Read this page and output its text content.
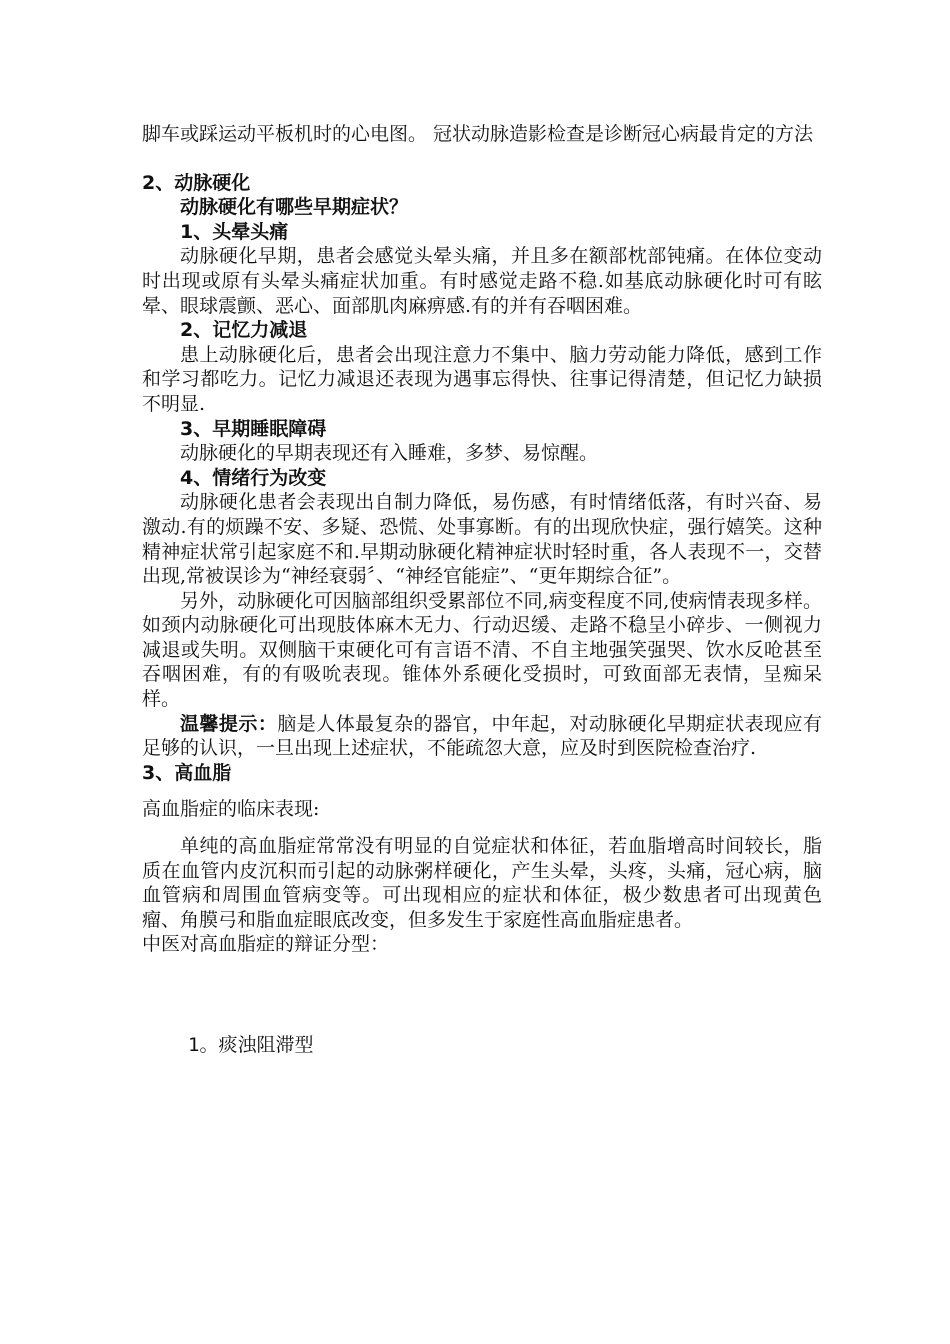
脚车或踩运动平板机时的心电图。 冠状动脉造影检查是诊断冠心病最肯定的方法

2、动脉硬化

动脉硬化有哪些早期症状？

1、头晕头痛

动脉硬化早期，患者会感觉头晕头痛，并且多在额部枕部钝痛。在体位变动时出现或原有头晕头痛症状加重。有时感觉走路不稳.如基底动脉硬化时可有眩晕、眼球震颤、恶心、面部肌肉麻痹感.有的并有吞咽困难。

2、记忆力减退

患上动脉硬化后，患者会出现注意力不集中、脑力劳动能力降低，感到工作和学习都吃力。记忆力减退还表现为遇事忘得快、往事记得清楚，但记忆力缺损不明显.

3、早期睡眠障碍

动脉硬化的早期表现还有入睡难，多梦、易惊醒。

4、情绪行为改变

动脉硬化患者会表现出自制力降低，易伤感，有时情绪低落，有时兴奋、易激动.有的烦躁不安、多疑、恐慌、处事寡断。有的出现欣快症，强行嬉笑。这种精神症状常引起家庭不和.早期动脉硬化精神症状时轻时重，各人表现不一，交替出现,常被误诊为“神经衰弱〞、“神经官能症”、“更年期综合征”。

另外，动脉硬化可因脑部组织受累部位不同,病变程度不同,使病情表现多样。如颈内动脉硬化可出现肢体麻木无力、行动迟缓、走路不稳呈小碎步、一侧视力减退或失明。双侧脑干束硬化可有言语不清、不自主地强笑强哭、饮水反呛甚至吞咽困难，有的有吸吮表现。锥体外系硬化受损时，可致面部无表情，呈痴呆样。

温馨提示：脑是人体最复杂的器官，中年起，对动脉硬化早期症状表现应有足够的认识，一旦出现上述症状，不能疏忽大意，应及时到医院检查治疗.

3、高血脂

高血脂症的临床表现:

单纯的高血脂症常常没有明显的自觉症状和体征，若血脂增高时间较长，脂质在血管内皮沉积而引起的动脉粥样硬化，产生头晕，头疼，头痛，冠心病，脑血管病和周围血管病变等。可出现相应的症状和体征，极少数患者可出现黄色瘤、角膜弓和脂血症眼底改变，但多发生于家庭性高血脂症患者。

中医对高血脂症的辩证分型：

1。痰浊阻滞型
